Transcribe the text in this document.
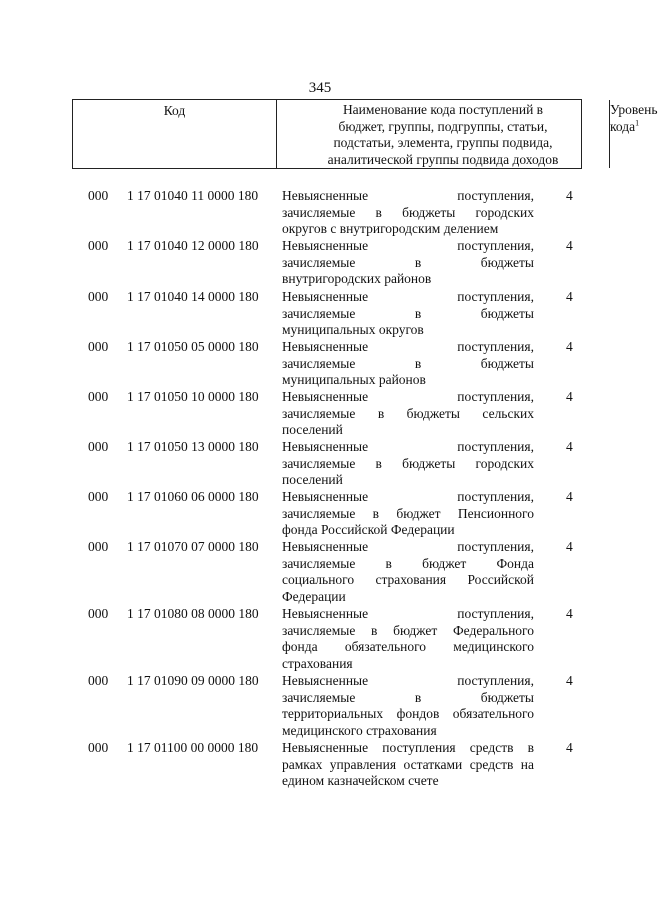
345
Код	Наименование кода поступлений в
бюджет, группы, подгруппы, статьи,
подстатьи, элемента, группы подвида,
аналитической группы подвида доходов
Уровень
кода$^1$
000 1 17 01040 11 0000 180 Невыясненные поступления,
зачисляемые в бюджеты городских
округов с внутригородским делением
4
000 1 17 01040 12 0000 180 Невыясненные поступления,
зачисляемые в бюджеты
внутригородских районов
4
000 1 17 01040 14 0000 180 Невыясненные поступления,
зачисляемые в бюджеты
муниципальных округов
4
000 1 17 01050 05 0000 180 Невыясненные поступления,
зачисляемые в бюджеты
муниципальных районов
4
000 1 17 01050 10 0000 180 Невыясненные поступления,
зачисляемые в бюджеты сельских
поселений
4
000 1 17 01050 13 0000 180 Невыясненные поступления,
зачисляемые в бюджеты городских
поселений
4
000 1 17 01060 06 0000 180 Невыясненные поступления,
зачисляемые в бюджет Пенсионного
фонда Российской Федерации
4
000 1 17 01070 07 0000 180 Невыясненные поступления,
зачисляемые в бюджет Фонда
социального страхования Российской
Федерации
4
000 1 17 01080 08 0000 180 Невыясненные поступления,
зачисляемые в бюджет Федерального
фонда обязательного медицинского
страхования
4
000 1 17 01090 09 0000 180 Невыясненные поступления,
зачисляемые в бюджеты
территориальных фондов обязательного
медицинского страхования
4
000 1 17 01100 00 0000 180 Невыясненные поступления средств в
рамках управления остатками средств на
едином казначейском счете
4
